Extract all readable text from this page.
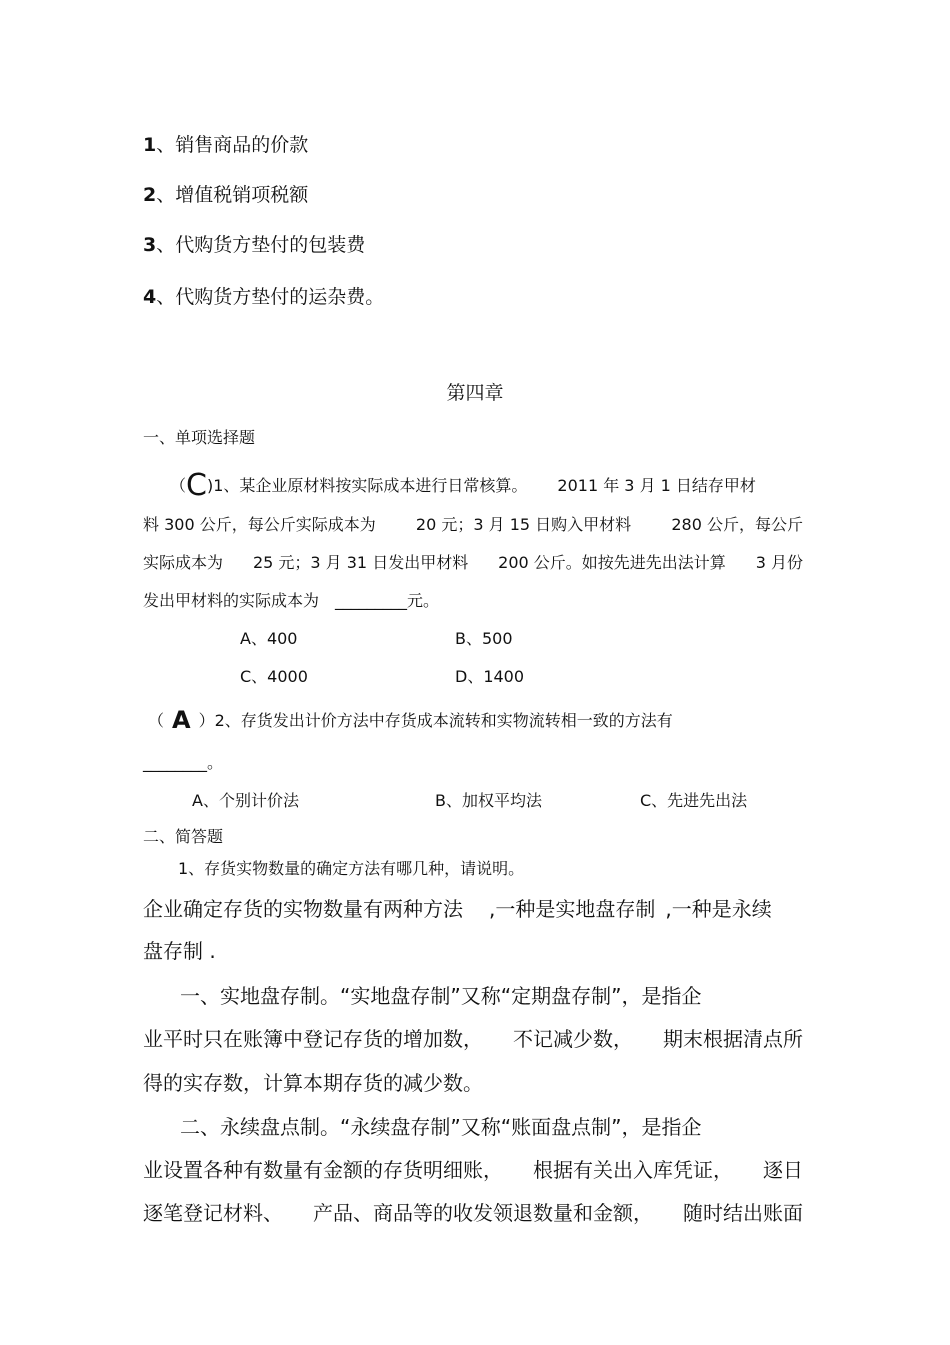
1、销售商品的价款
2、增值税销项税额
3、代购货方垫付的包装费
4、代购货方垫付的运杂费。
第四章
一、单项选择题
（C)1、某企业原材料按实际成本进行日常核算。 2011 年 3 月 1 日结存甲材
料 300 公斤，每公斤实际成本为	20 元；3 月 15 日购入甲材料	280 公斤，每公斤
实际成本为 25 元；3 月 31 日发出甲材料 200 公斤。如按先进先出法计算 3 月份
发出甲材料的实际成本为 _________元。
A、400	B、500
C、4000	D、1400
（ A ）2、存货发出计价方法中存货成本流转和实物流转相一致的方法有
________。
A、个别计价法	B、加权平均法	C、先进先出法
二、简答题
1、存货实物数量的确定方法有哪几种，请说明。
企业确定存货的实物数量有两种方法 ,一种是实地盘存制 ,一种是永续
盘存制 .
一、实地盘存制。“实地盘存制”又称“定期盘存制”，是指企
业平时只在账簿中登记存货的增加数， 不记减少数， 期末根据清点所
得的实存数，计算本期存货的减少数。
二、永续盘点制。“永续盘存制”又称“账面盘点制”，是指企
业设置各种有数量有金额的存货明细账， 根据有关出入库凭证， 逐日
逐笔登记材料、 产品、商品等的收发领退数量和金额， 随时结出账面
